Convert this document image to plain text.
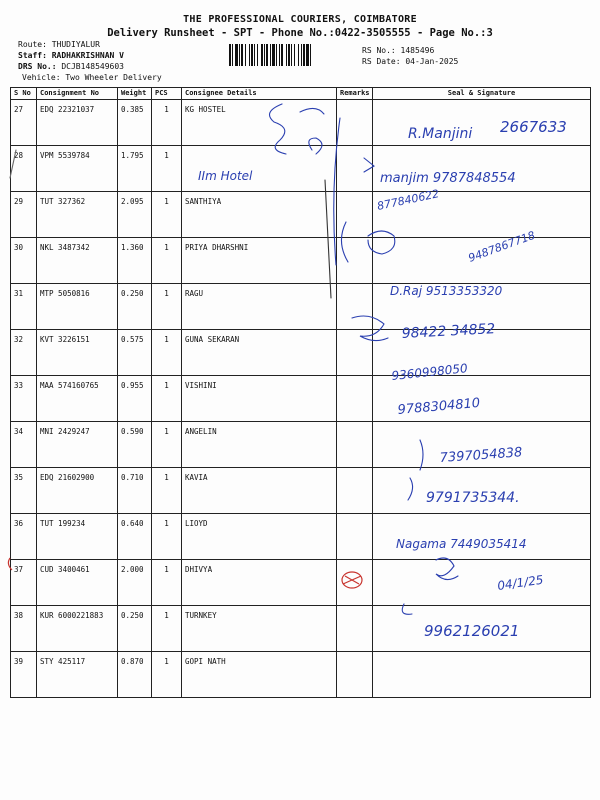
THE PROFESSIONAL COURIERS, COIMBATORE
Delivery Runsheet - SPT - Phone No.:0422-3505555 - Page No.:3
Route: THUDIYALUR
Staff: RADHAKRISHNAN V
DRS No.: DCJB148549603
Vehicle: Two Wheeler Delivery
RS No.: 1485496
RS Date: 04-Jan-2025
S No	Consignment No	Weight	PCS	Consignee Details	Remarks	Seal & Signature
27	EDQ 22321037	0.385	1	KG HOSTEL		
28	VPM 5539784	1.795	1			
29	TUT 327362	2.095	1	SANTHIYA		
30	NKL 3487342	1.360	1	PRIYA DHARSHNI		
31	MTP 5050816	0.250	1	RAGU		
32	KVT 3226151	0.575	1	GUNA SEKARAN		
33	MAA 574160765	0.955	1	VISHINI		
34	MNI 2429247	0.590	1	ANGELIN		
35	EDQ 21602900	0.710	1	KAVIA		
36	TUT 199234	0.640	1	LIOYD		
37	CUD 3400461	2.000	1	DHIVYA		
38	KUR 6000221883	0.250	1	TURNKEY		
39	STY 425117	0.870	1	GOPI NATH		
R.Manjini 2667633
IIm Hotel	manjim 9787848554
877840622
9487867718
D.Raj 9513353320
98422 34852
9360998050
9788304810
7397054838
9791735344.
Nagama 7449035414
04/1/25
9962126021
